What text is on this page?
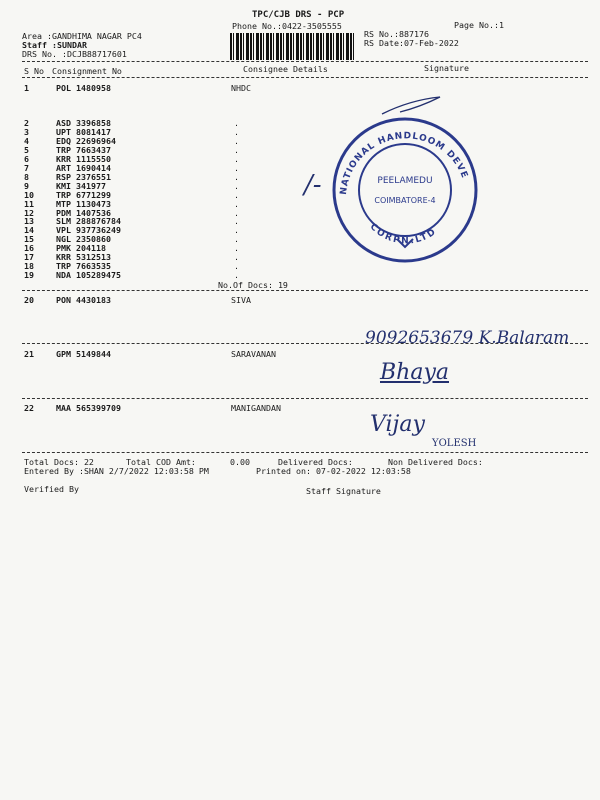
TPC/CJB DRS - PCP
Phone No.:0422-3505555	Page No.:1
Area :GANDHIMA NAGAR PC4
Staff :SUNDAR
DRS No. :DCJB88717601
RS No.:887176
RS Date:07-Feb-2022
S No Consignment No	Consignee Details	Signature
1	POL 1480958	NHDC
2	ASD 3396858	.
3	UPT 8081417	.
4	EDQ 22696964	.
5	TRP 7663437	.
6	KRR 1115550	.
7	ART 1690414	.
8	RSP 2376551	.
9	KMI 341977	.
10	TRP 6771299	.
11	MTP 1130473	.
12	PDM 1407536	.
13	SLM 288876784	.
14	VPL 937736249	.
15	NGL 2350860	.
16	PMK 204118	.
17	KRR 5312513	.
18	TRP 7663535	.
19	NDA 105289475	.
No.Of Docs: 19
20	PON 4430183	SIVA
21	GPM 5149844	SARAVANAN
22	MAA 565399709	MANIGANDAN
Total Docs: 22	Total COD Amt:	0.00	Delivered Docs:	Non Delivered Docs:
Entered By :SHAN 2/7/2022 12:03:58 PM	Printed on: 07-02-2022 12:03:58
Verified By	Staff Signature
NATIONAL HANDLOOM DEVE
CORPN.LTD
PEELAMEDU
COIMBATORE-4
/-
9092653679 K.Balaram
Bhaya
Vijay
YOLESH
